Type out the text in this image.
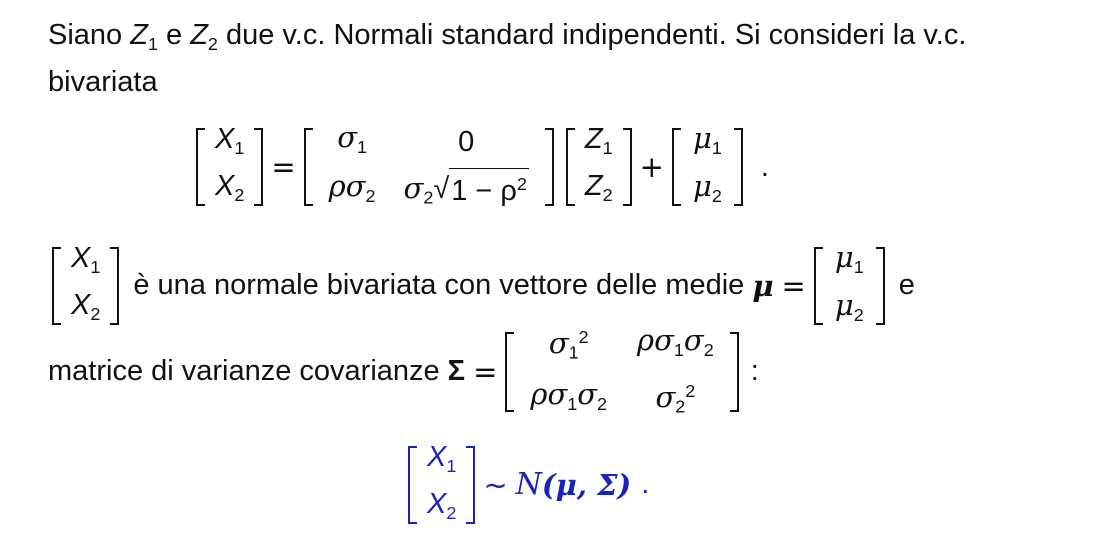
Siano $Z_1$ e $Z_2$ due v.c. Normali standard indipendenti. Si consideri la v.c. bivariata
$X_1$
$X_2$
=
$\sigma_1$	0
$\rho\sigma_2$ $\sigma_2$ √ $1 - \rho^2$
$Z_1$
$Z_2$
+
$\mu_1$
$\mu_2$
.
$X_1$
$X_2$
è una normale bivariata con vettore delle medie μ =
$\mu_1$
$\mu_2$
e
matrice di varianze covarianze Σ =
$\sigma_1^2$ $\rho\sigma_1\sigma_2$
$\rho\sigma_1\sigma_2$ $\sigma_2^2$
:
$X_1$
$X_2$
∼ N (μ, Σ) .
